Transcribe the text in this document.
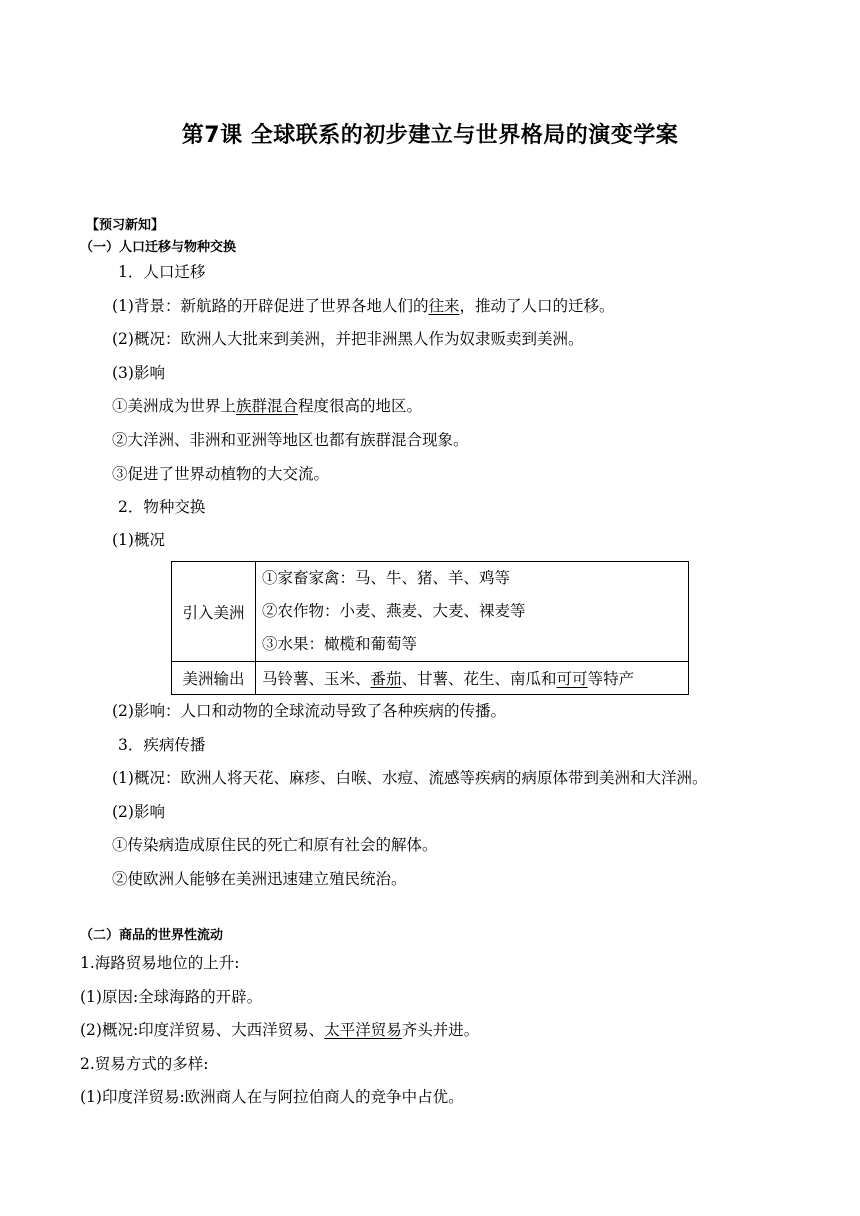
第7课 全球联系的初步建立与世界格局的演变学案
【预习新知】
（一）人口迁移与物种交换
1．人口迁移
(1)背景：新航路的开辟促进了世界各地人们的往来，推动了人口的迁移。
(2)概况：欧洲人大批来到美洲，并把非洲黑人作为奴隶贩卖到美洲。
(3)影响
①美洲成为世界上族群混合程度很高的地区。
②大洋洲、非洲和亚洲等地区也都有族群混合现象。
③促进了世界动植物的大交流。
2．物种交换
(1)概况
引入美洲	①家畜家禽：马、牛、猪、羊、鸡等
②农作物：小麦、燕麦、大麦、裸麦等
③水果：橄榄和葡萄等

美洲输出	马铃薯、玉米、番茄、甘薯、花生、南瓜和可可等特产
(2)影响：人口和动物的全球流动导致了各种疾病的传播。
3．疾病传播
(1)概况：欧洲人将天花、麻疹、白喉、水痘、流感等疾病的病原体带到美洲和大洋洲。
(2)影响
①传染病造成原住民的死亡和原有社会的解体。
②使欧洲人能够在美洲迅速建立殖民统治。
（二）商品的世界性流动
1.海路贸易地位的上升:
(1)原因:全球海路的开辟。
(2)概况:印度洋贸易、大西洋贸易、太平洋贸易齐头并进。
2.贸易方式的多样:
(1)印度洋贸易:欧洲商人在与阿拉伯商人的竞争中占优。
